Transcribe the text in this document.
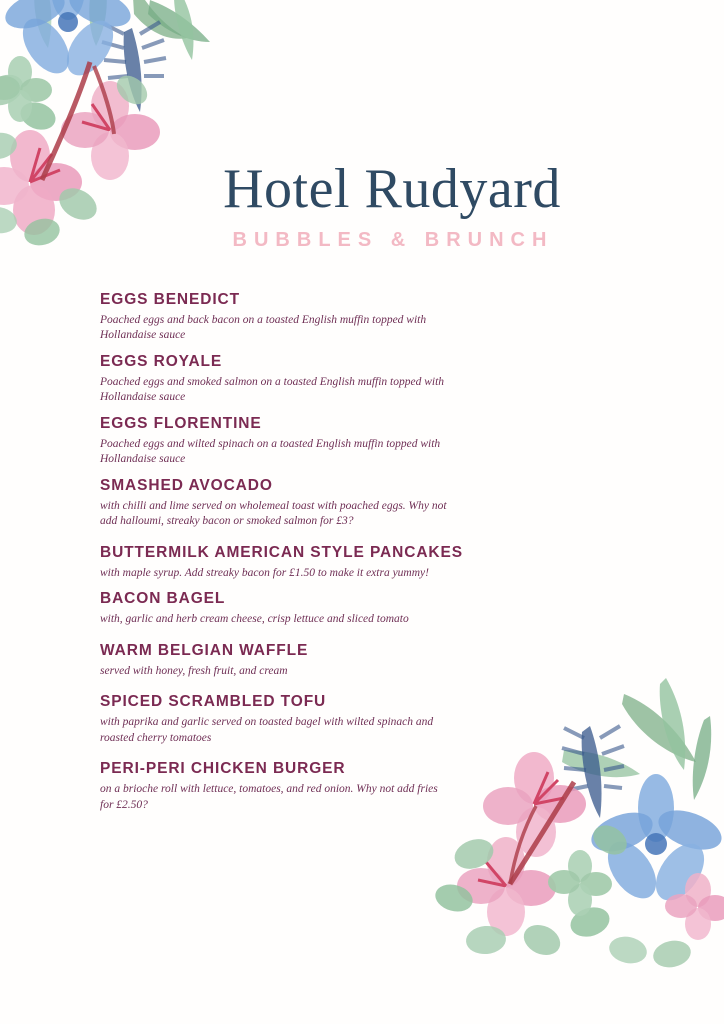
Hotel Rudyard
BUBBLES & BRUNCH
EGGS BENEDICT
Poached eggs and back bacon on a toasted English muffin topped with Hollandaise sauce
EGGS ROYALE
Poached eggs and smoked salmon on a toasted English muffin topped with Hollandaise sauce
EGGS FLORENTINE
Poached eggs and wilted spinach on a toasted English muffin topped with Hollandaise sauce
SMASHED AVOCADO
with chilli and lime served on wholemeal toast with poached eggs. Why not add halloumi, streaky bacon or smoked salmon for £3?
BUTTERMILK AMERICAN STYLE PANCAKES
with maple syrup. Add streaky bacon for £1.50 to make it extra yummy!
BACON BAGEL
with, garlic and herb cream cheese, crisp lettuce and sliced tomato
WARM BELGIAN WAFFLE
served with honey, fresh fruit, and cream
SPICED SCRAMBLED TOFU
with paprika and garlic served on toasted bagel with wilted spinach and roasted cherry tomatoes
PERI-PERI CHICKEN BURGER
on a brioche roll with lettuce, tomatoes, and red onion. Why not add fries for £2.50?
